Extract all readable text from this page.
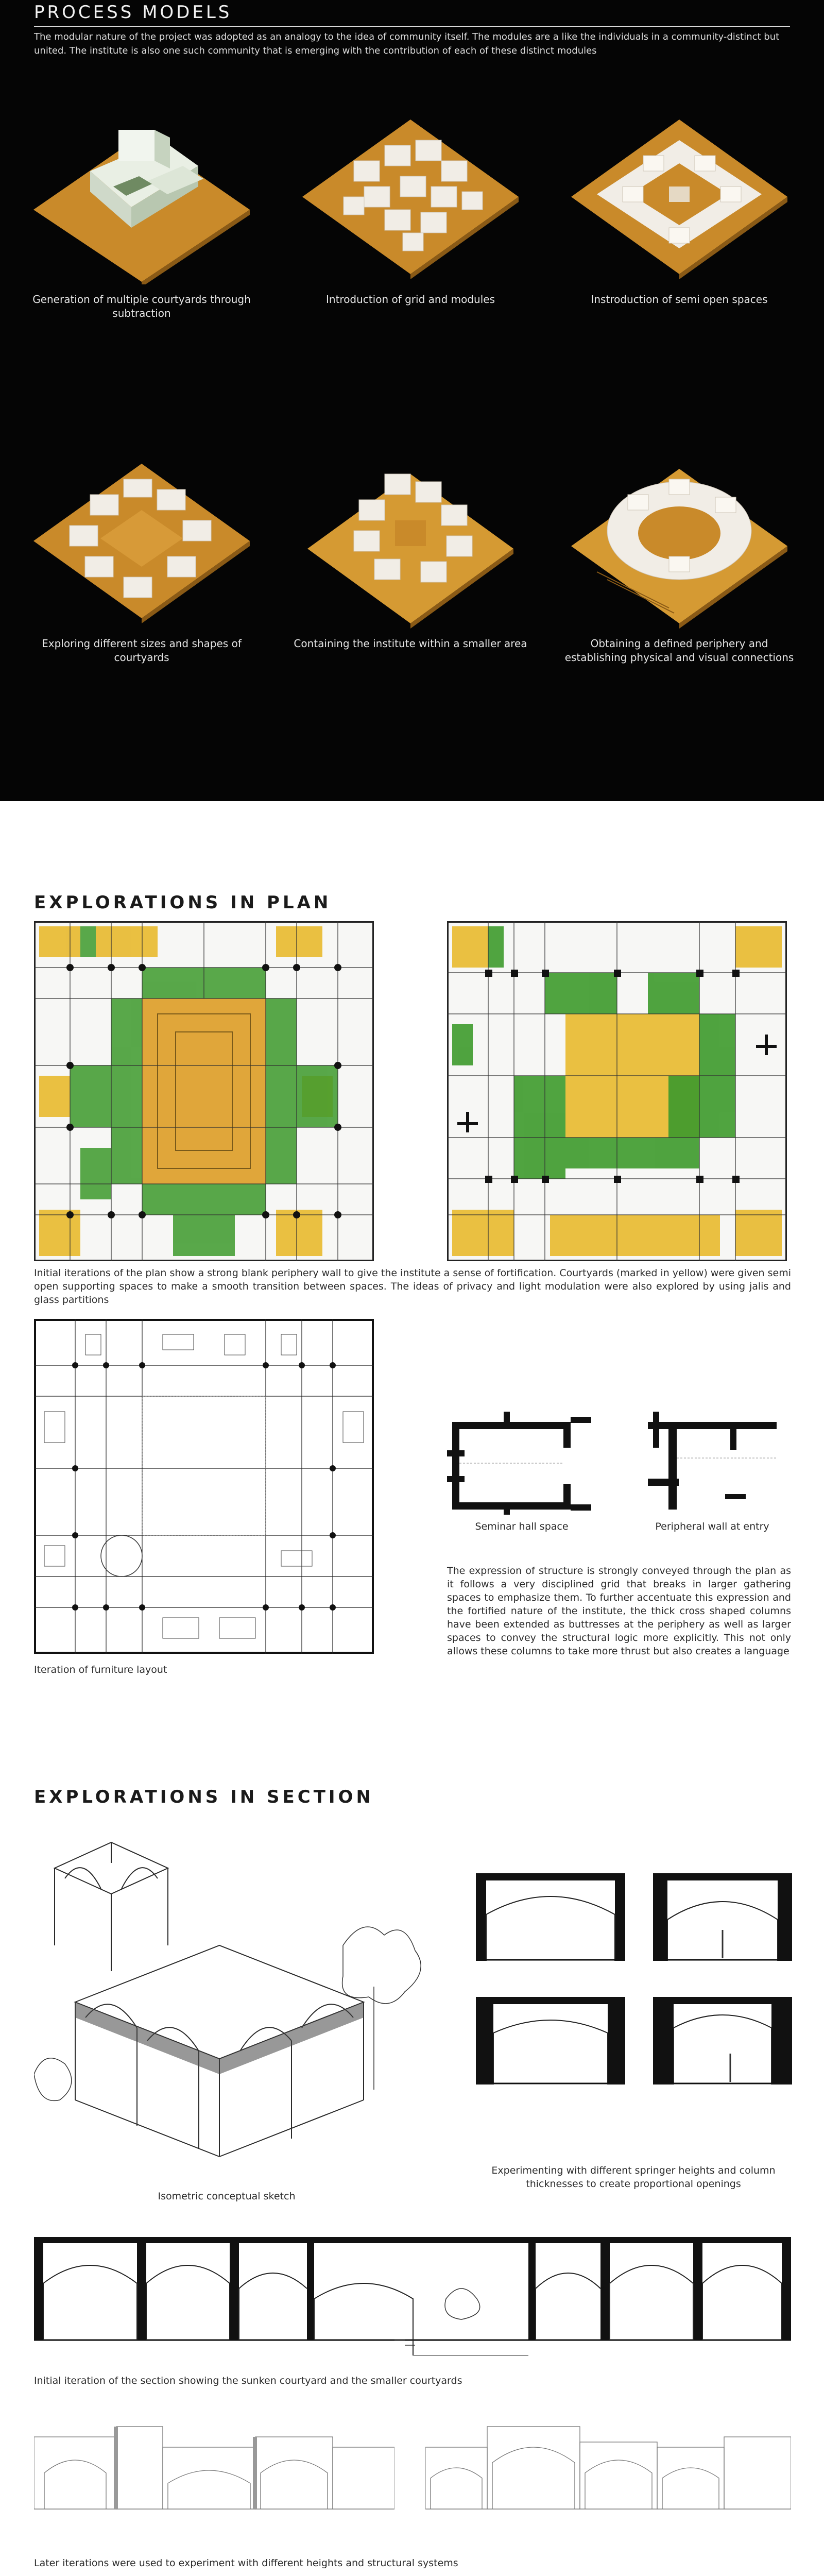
PROCESS MODELS

The modular nature of the project was adopted as an analogy to the idea of community itself. The modules are a like the individuals in a community-distinct but united. The institute is also one such community that is emerging with the contribution of each of these distinct modules

Generation of multiple courtyards through subtraction
Introduction of grid and modules	Instroduction of semi open spaces
Exploring different sizes and shapes of courtyards
Containing the institute within a smaller area	Obtaining a defined periphery and establishing physical and visual connections
EXPLORATIONS IN PLAN

Initial iterations of the plan show a strong blank periphery wall to give the institute a sense of fortification. Courtyards (marked in yellow) were given semi open supporting spaces to make a smooth transition between spaces. The ideas of privacy and light modulation were also explored by using jalis and glass partitions

Iteration of furniture layout
Seminar hall space	Peripheral wall at entry

The expression of structure is strongly conveyed through the plan as it follows a very disciplined grid that breaks in larger gathering spaces to emphasize them. To further accentuate this expression and the fortified nature of the institute, the thick cross shaped columns have been extended as buttresses at the periphery as well as larger spaces to convey the structural logic more explicitly. This not only allows these columns to take more thrust but also creates a language

EXPLORATIONS IN SECTION
Isometric conceptual sketch
Experimenting with different springer heights and column thicknesses to create proportional openings
Initial iteration of the section showing the sunken courtyard and the smaller courtyards
Later iterations were used to experiment with different heights and structural systems
